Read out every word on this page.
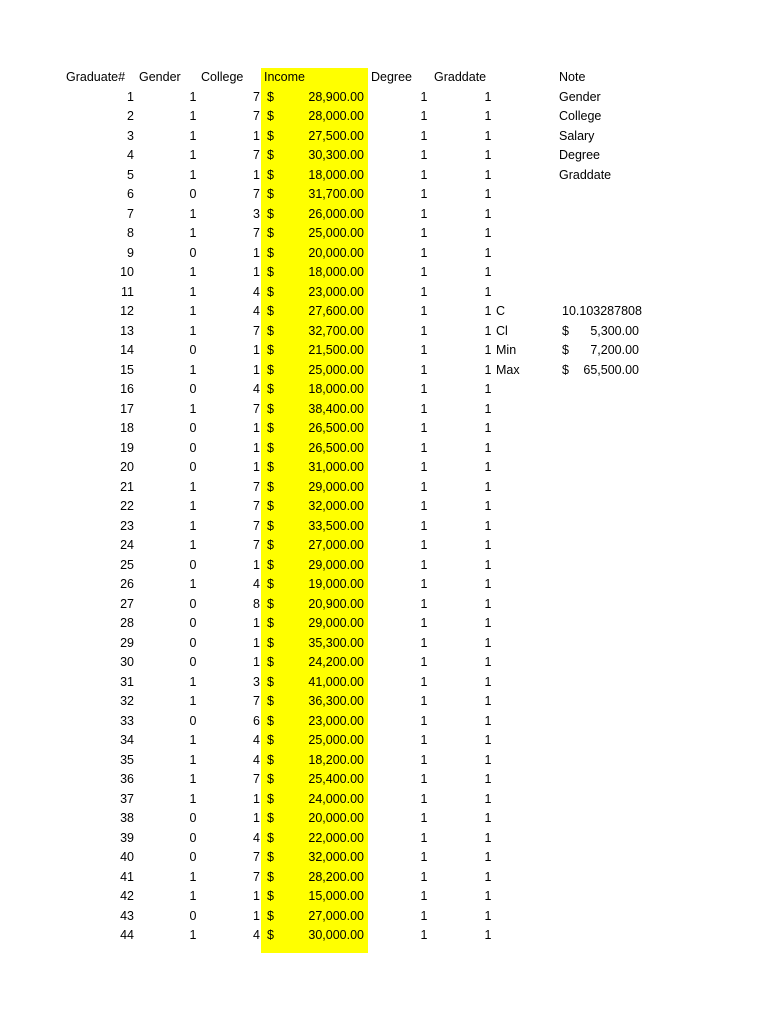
Graduate# Gender College Income	Degree Graddate	Note
1	1	7 $	28,900.00	1	1
2	1	7 $	28,000.00	1	1
3	1	1 $	27,500.00	1	1
4	1	7 $	30,300.00	1	1
5	1	1 $	18,000.00	1	1
6	0	7 $	31,700.00	1	1
7	1	3 $	26,000.00	1	1
8	1	7 $	25,000.00	1	1
9	0	1 $	20,000.00	1	1
10	1	1 $	18,000.00	1	1
11	1	4 $	23,000.00	1	1
12	1	4 $	27,600.00	1	1
13	1	7 $	32,700.00	1	1
14	0	1 $	21,500.00	1	1
15	1	1 $	25,000.00	1	1
16	0	4 $	18,000.00	1	1
17	1	7 $	38,400.00	1	1
18	0	1 $	26,500.00	1	1
19	0	1 $	26,500.00	1	1
20	0	1 $	31,000.00	1	1
21	1	7 $	29,000.00	1	1
22	1	7 $	32,000.00	1	1
23	1	7 $	33,500.00	1	1
24	1	7 $	27,000.00	1	1
25	0	1 $	29,000.00	1	1
26	1	4 $	19,000.00	1	1
27	0	8 $	20,900.00	1	1
28	0	1 $	29,000.00	1	1
29	0	1 $	35,300.00	1	1
30	0	1 $	24,200.00	1	1
31	1	3 $	41,000.00	1	1
32	1	7 $	36,300.00	1	1
33	0	6 $	23,000.00	1	1
34	1	4 $	25,000.00	1	1
35	1	4 $	18,200.00	1	1
36	1	7 $	25,400.00	1	1
37	1	1 $	24,000.00	1	1
38	0	1 $	20,000.00	1	1
39	0	4 $	22,000.00	1	1
40	0	7 $	32,000.00	1	1
41	1	7 $	28,200.00	1	1
42	1	1 $	15,000.00	1	1
43	0	1 $	27,000.00	1	1
44	1	4 $	30,000.00	1	1
Gender
College
Salary
Degree
Graddate
C	10.103287808
Cl	$	5,300.00
Min	$	7,200.00
Max	$	65,500.00
